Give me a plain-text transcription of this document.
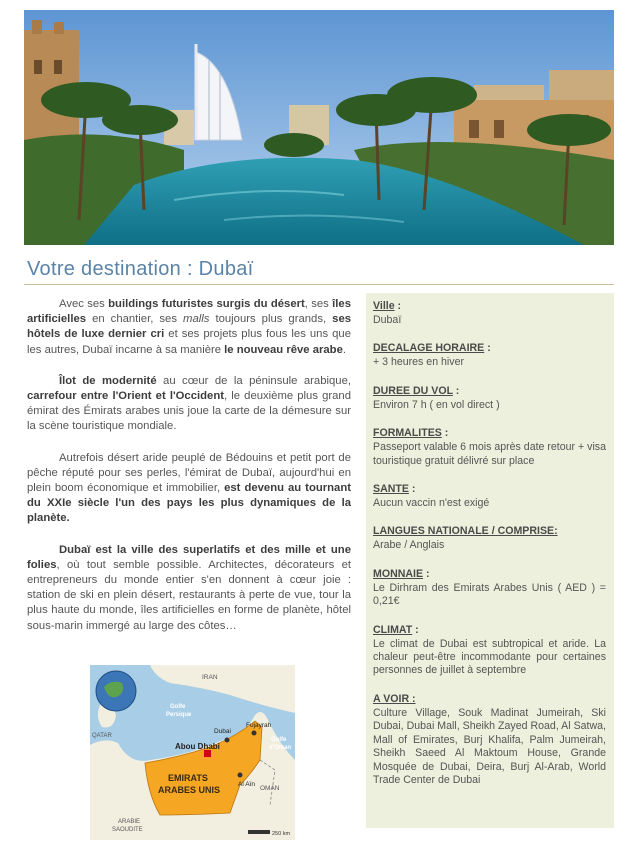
Votre destination : Dubaï

Avec ses buildings futuristes surgis du désert, ses îles artificielles en chantier, ses malls toujours plus grands, ses hôtels de luxe dernier cri et ses projets plus fous les uns que les autres, Dubaï incarne à sa manière le nouveau rêve arabe.

Îlot de modernité au cœur de la péninsule arabique, carrefour entre l'Orient et l'Occident, le deuxième plus grand émirat des Émirats arabes unis joue la carte de la démesure sur la scène touristique mondiale.

Autrefois désert aride peuplé de Bédouins et petit port de pêche réputé pour ses perles, l'émirat de Dubaï, aujourd'hui en plein boom économique et immobilier, est devenu au tournant du XXIe siècle l'un des pays les plus dynamiques de la planète.

Dubaï est la ville des superlatifs et des mille et une folies, où tout semble possible. Architectes, décorateurs et entrepreneurs du monde entier s'en donnent à cœur joie : station de ski en plein désert, restaurants à perte de vue, tour la plus haute du monde, îles artificielles en forme de planète, hôtel sous-marin immergé au large des côtes…

IRAN
Golfe
Persique
QATAR
Dubai
Fujayrah
Golfe
d'Oman
Abou Dhabi
Al Aïn
EMIRATS
ARABES UNIS	OMAN
ARABIE
SAOUDITE
250 km
Ville :
Dubaï
DECALAGE HORAIRE :
+ 3 heures en hiver
DUREE DU VOL :
Environ 7 h ( en vol direct )
FORMALITES :
Passeport valable 6 mois après date retour + visa touristique gratuit délivré sur place
SANTE :
Aucun vaccin n'est exigé
LANGUES NATIONALE / COMPRISE:
Arabe / Anglais
MONNAIE :
Le Dirhram des Emirats Arabes Unis ( AED ) = 0,21€
CLIMAT :
Le climat de Dubai est subtropical et aride. La chaleur peut-être incommodante pour certaines personnes de juillet à septembre
A VOIR :
Culture Village, Souk Madinat Jumeirah, Ski Dubai, Dubai Mall, Sheikh Zayed Road, Al Satwa, Mall of Emirates, Burj Khalifa, Palm Jumeirah, Sheikh Saeed Al Maktoum House, Grande Mosquée de Dubai, Deira, Burj Al-Arab, World Trade Center de Dubai
